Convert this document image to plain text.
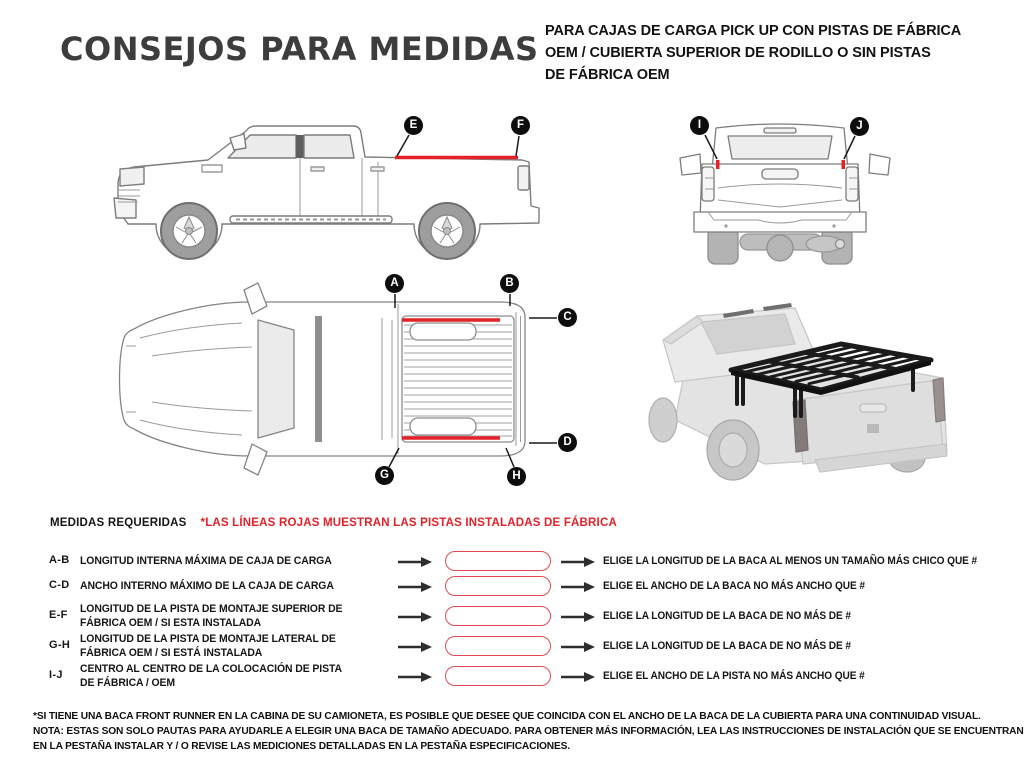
CONSEJOS PARA MEDIDAS PARA CAJAS DE CARGA PICK UP CON PISTAS DE FÁBRICA
OEM / CUBIERTA SUPERIOR DE RODILLO O SIN PISTAS
DE FÁBRICA OEM
A	B
C
D
E	F
G	H
I	J
MEDIDAS REQUERIDAS *LAS LÍNEAS ROJAS MUESTRAN LAS PISTAS INSTALADAS DE FÁBRICA
A-B LONGITUD INTERNA MÁXIMA DE CAJA DE CARGA	ELIGE LA LONGITUD DE LA BACA AL MENOS UN TAMAÑO MÁS CHICO QUE #
C-D ANCHO INTERNO MÁXIMO DE LA CAJA DE CARGA	ELIGE EL ANCHO DE LA BACA NO MÁS ANCHO QUE #
E-F LONGITUD DE LA PISTA DE MONTAJE SUPERIOR DE
FÁBRICA OEM / SI ESTA INSTALADA
ELIGE LA LONGITUD DE LA BACA DE NO MÁS DE #
G-H LONGITUD DE LA PISTA DE MONTAJE LATERAL DE
FÁBRICA OEM / SI ESTÁ INSTALADA
ELIGE LA LONGITUD DE LA BACA DE NO MÁS DE #
I-J CENTRO AL CENTRO DE LA COLOCACIÓN DE PISTA
DE FÁBRICA / OEM
ELIGE EL ANCHO DE LA PISTA NO MÁS ANCHO QUE #
*SI TIENE UNA BACA FRONT RUNNER EN LA CABINA DE SU CAMIONETA, ES POSIBLE QUE DESEE QUE COINCIDA CON EL ANCHO DE LA BACA DE LA CUBIERTA PARA UNA CONTINUIDAD VISUAL.
NOTA: ESTAS SON SOLO PAUTAS PARA AYUDARLE A ELEGIR UNA BACA DE TAMAÑO ADECUADO. PARA OBTENER MÁS INFORMACIÓN, LEA LAS INSTRUCCIONES DE INSTALACIÓN QUE SE ENCUENTRAN
EN LA PESTAÑA INSTALAR Y / O REVISE LAS MEDICIONES DETALLADAS EN LA PESTAÑA ESPECIFICACIONES.
